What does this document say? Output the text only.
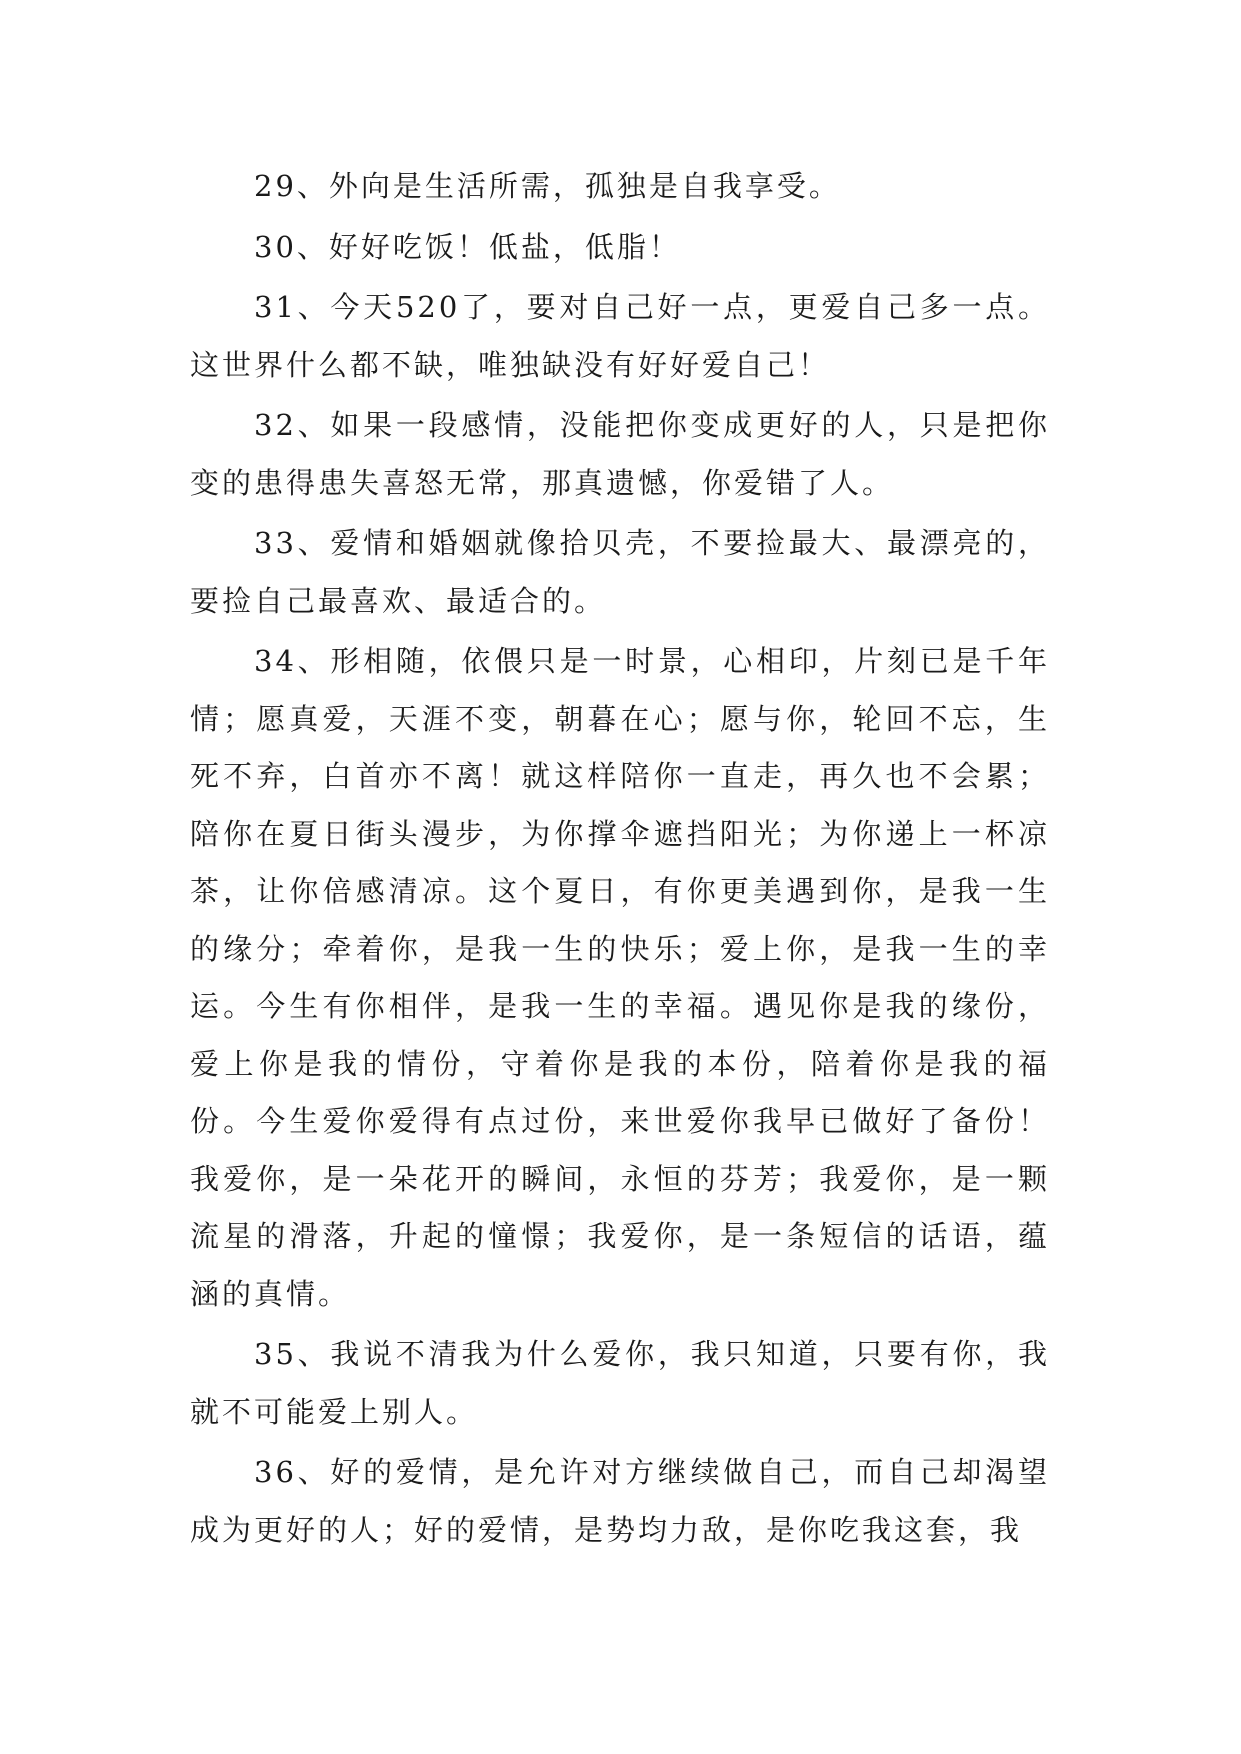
29、外向是生活所需，孤独是自我享受。

30、好好吃饭！低盐，低脂！

31、今天520了，要对自己好一点，更爱自己多一点。这世界什么都不缺，唯独缺没有好好爱自己！

32、如果一段感情，没能把你变成更好的人，只是把你变的患得患失喜怒无常，那真遗憾，你爱错了人。

33、爱情和婚姻就像拾贝壳，不要捡最大、最漂亮的，要捡自己最喜欢、最适合的。

34、形相随，依偎只是一时景，心相印，片刻已是千年情；愿真爱，天涯不变，朝暮在心；愿与你，轮回不忘，生死不弃，白首亦不离！就这样陪你一直走，再久也不会累；陪你在夏日街头漫步，为你撑伞遮挡阳光；为你递上一杯凉茶，让你倍感清凉。这个夏日，有你更美遇到你，是我一生的缘分；牵着你，是我一生的快乐；爱上你，是我一生的幸运。今生有你相伴，是我一生的幸福。遇见你是我的缘份，爱上你是我的情份，守着你是我的本份，陪着你是我的福份。今生爱你爱得有点过份，来世爱你我早已做好了备份！我爱你，是一朵花开的瞬间，永恒的芬芳；我爱你，是一颗流星的滑落，升起的憧憬；我爱你，是一条短信的话语，蕴涵的真情。

35、我说不清我为什么爱你，我只知道，只要有你，我就不可能爱上别人。

36、好的爱情，是允许对方继续做自己，而自己却渴望成为更好的人；好的爱情，是势均力敌，是你吃我这套，我
